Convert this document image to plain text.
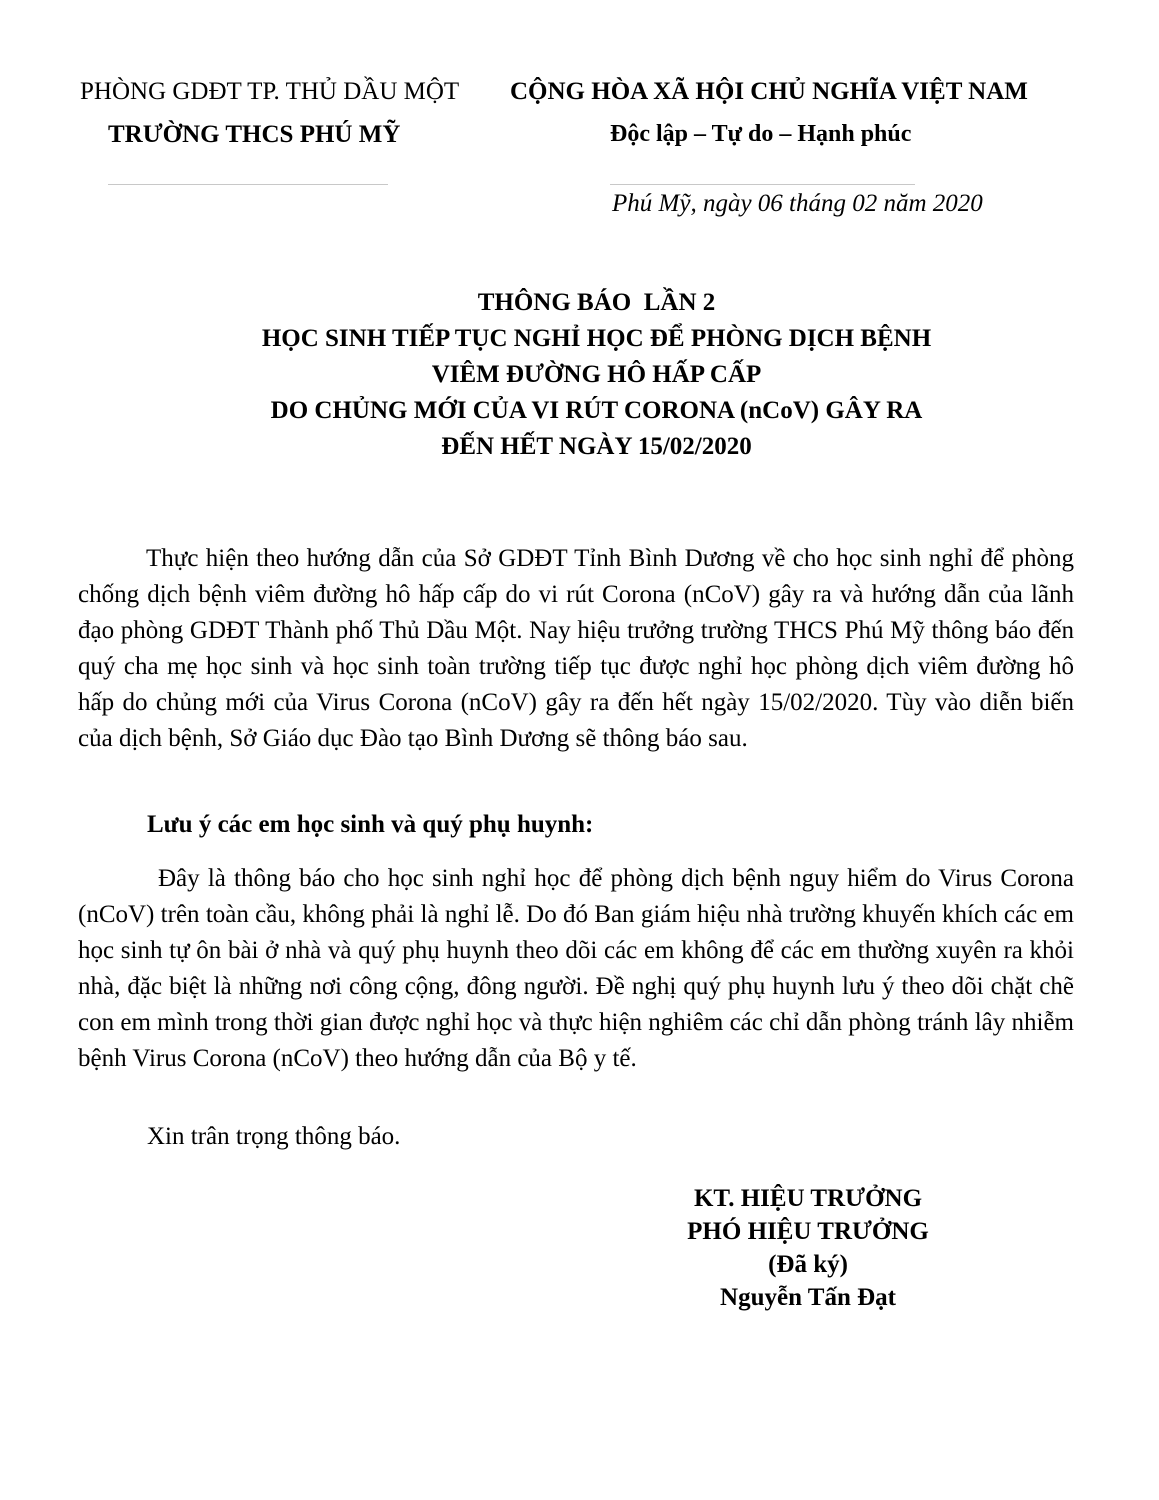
PHÒNG GDĐT TP. THỦ DẦU MỘT
TRƯỜNG THCS PHÚ MỸ
CỘNG HÒA XÃ HỘI CHỦ NGHĨA VIỆT NAM
Độc lập – Tự do – Hạnh phúc
Phú Mỹ, ngày 06 tháng 02 năm 2020
THÔNG BÁO  LẦN 2
HỌC SINH TIẾP TỤC NGHỈ HỌC ĐỂ PHÒNG DỊCH BỆNH
VIÊM ĐƯỜNG HÔ HẤP CẤP
DO CHỦNG MỚI CỦA VI RÚT CORONA (nCoV) GÂY RA
ĐẾN HẾT NGÀY 15/02/2020
Thực hiện theo hướng dẫn của Sở GDĐT Tỉnh Bình Dương về cho học sinh nghỉ để phòng chống dịch bệnh viêm đường hô hấp cấp do vi rút Corona (nCoV) gây ra và hướng dẫn của lãnh đạo phòng GDĐT Thành phố Thủ Dầu Một. Nay hiệu trưởng trường THCS Phú Mỹ thông báo đến quý cha mẹ học sinh và học sinh toàn trường tiếp tục được nghỉ học phòng dịch viêm đường hô hấp do chủng mới của Virus Corona (nCoV) gây ra đến hết ngày 15/02/2020. Tùy vào diễn biến của dịch bệnh, Sở Giáo dục Đào tạo Bình Dương sẽ thông báo sau.
Lưu ý các em học sinh và quý phụ huynh:
Đây là thông báo cho học sinh nghỉ học để phòng dịch bệnh nguy hiểm do Virus Corona (nCoV) trên toàn cầu, không phải là nghỉ lễ. Do đó Ban giám hiệu nhà trường khuyến khích các em học sinh tự ôn bài ở nhà và quý phụ huynh theo dõi các em không để các em thường xuyên ra khỏi nhà, đặc biệt là những nơi công cộng, đông người. Đề nghị quý phụ huynh lưu ý theo dõi chặt chẽ con em mình trong thời gian được nghỉ học và thực hiện nghiêm các chỉ dẫn phòng tránh lây nhiễm bệnh Virus Corona (nCoV) theo hướng dẫn của Bộ y tế.
Xin trân trọng thông báo.
KT. HIỆU TRƯỞNG
PHÓ HIỆU TRƯỞNG
(Đã ký)
Nguyễn Tấn Đạt
